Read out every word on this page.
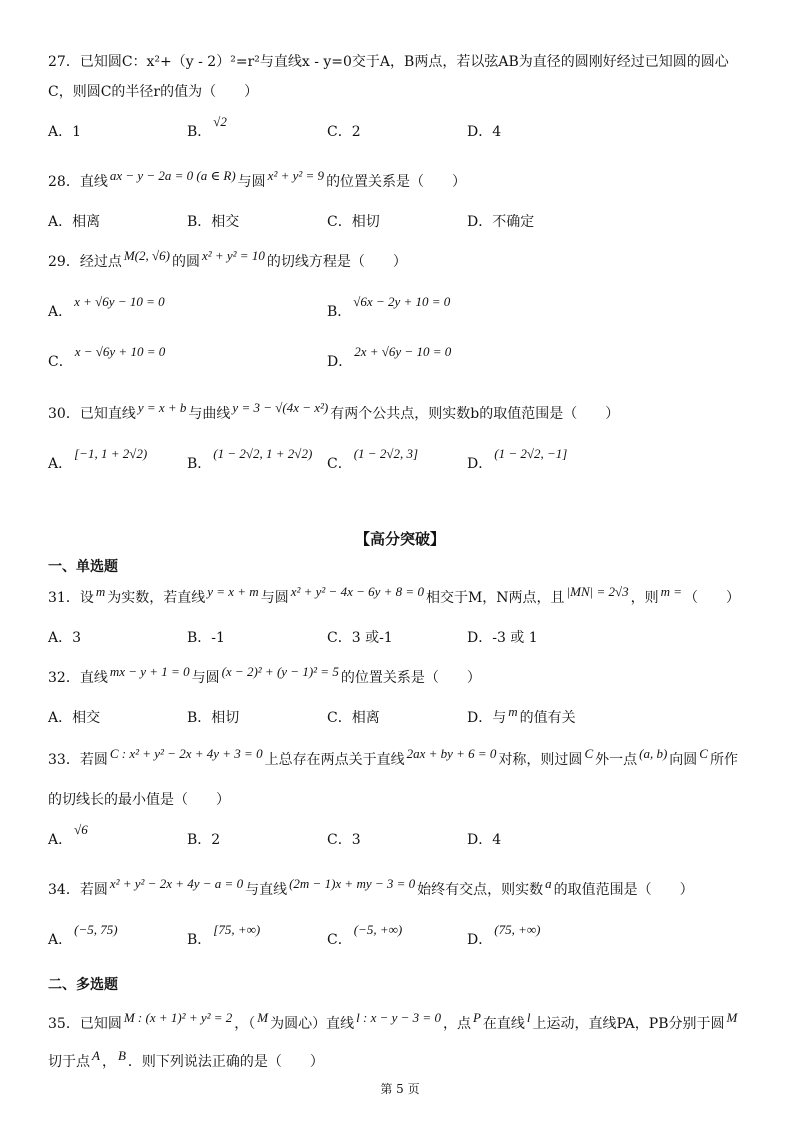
27．已知圆C：x²+（y - 2）²=r²与直线x - y=0交于A，B两点，若以弦AB为直径的圆刚好经过已知圆的圆心
C，则圆C的半径r的值为（　　）
A．1	B．√2
C．2	D．4
28．直线 ax − y − 2a = 0 (a ∈ R) 与圆 x² + y² = 9 的位置关系是（　　）
A．相离	B．相交	C．相切	D．不确定
29．经过点 M(2, √6) 的圆 x² + y² = 10 的切线方程是（　　）
A．x + √6y − 10 = 0
B．√6x − 2y + 10 = 0
C．x − √6y + 10 = 0
D．2x + √6y − 10 = 0
30．已知直线 y = x + b 与曲线 y = 3 − √(4x − x²) 有两个公共点，则实数b的取值范围是（　　）
A．[−1, 1 + 2√2)
B．(1 − 2√2, 1 + 2√2)
C．(1 − 2√2, 3]
D．(1 − 2√2, −1]
【高分突破】
一、单选题
31．设 m 为实数，若直线 y = x + m 与圆 x² + y² − 4x − 6y + 8 = 0 相交于M，N两点，且 |MN| = 2√3 ，则 m = （　　）
A．3	B．-1	C．3 或-1	D．-3 或 1
32．直线 mx − y + 1 = 0 与圆 (x − 2)² + (y − 1)² = 5 的位置关系是（　　）
A．相交	B．相切	C．相离	D．与 m 的值有关
33．若圆 C : x² + y² − 2x + 4y + 3 = 0 上总存在两点关于直线 2ax + by + 6 = 0 对称，则过圆 C 外一点 (a, b) 向圆 C 所作
的切线长的最小值是（　　）
A．√6
B．2	C．3	D．4
34．若圆 x² + y² − 2x + 4y − a = 0 与直线 (2m − 1)x + my − 3 = 0 始终有交点，则实数 a 的取值范围是（　　）
A．(−5, 75)
B．[75, +∞)
C．(−5, +∞)
D．(75, +∞)
二、多选题
35．已知圆 M : (x + 1)² + y² = 2 ，（ M 为圆心）直线 l : x − y − 3 = 0 ，点 P 在直线 l 上运动，直线PA，PB分别于圆 M
切于点 A ， B ．则下列说法正确的是（　　）
第 5 页
